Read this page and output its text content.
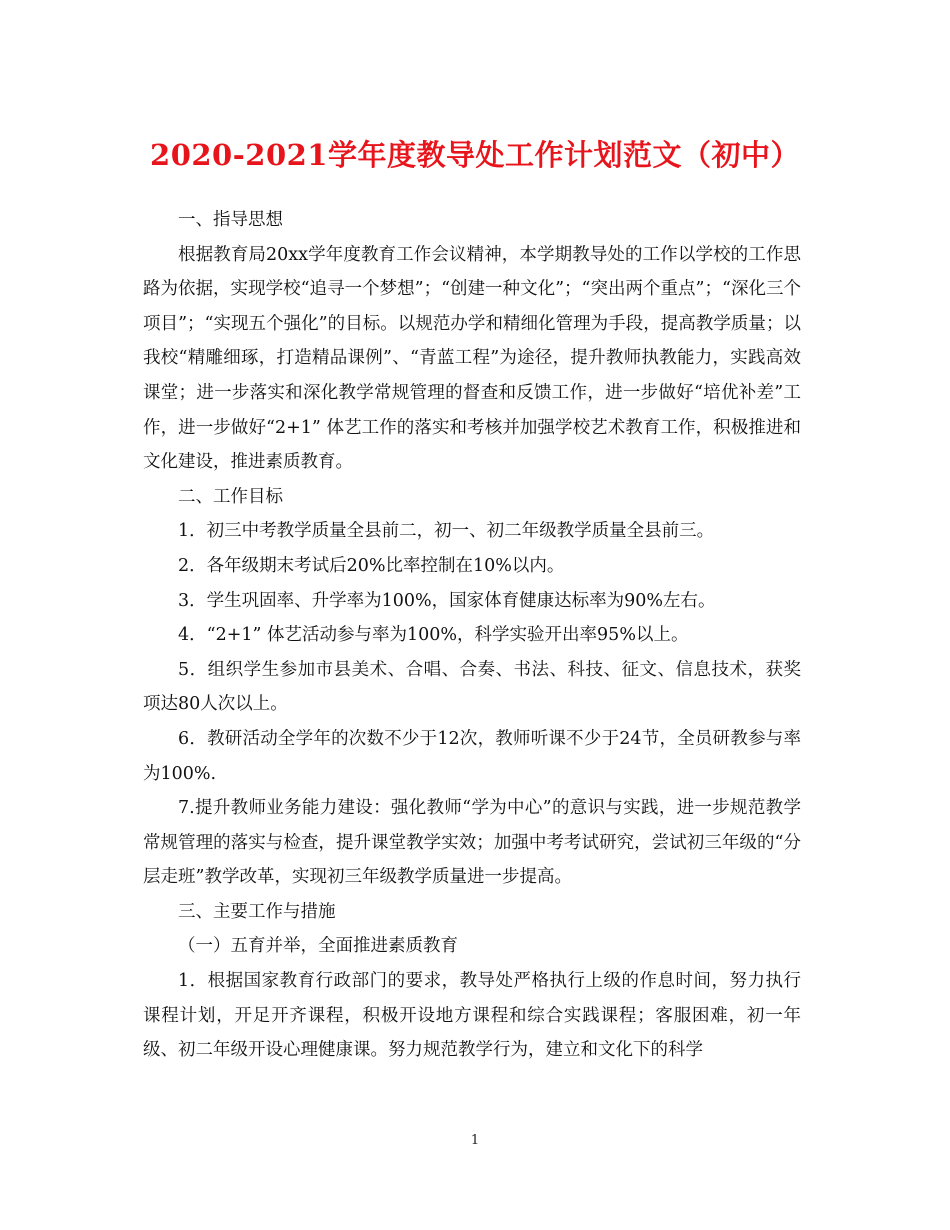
2020-2021学年度教导处工作计划范文（初中）

一、指导思想

根据教育局20xx学年度教育工作会议精神，本学期教导处的工作以学校的工作思路为依据，实现学校“追寻一个梦想”；“创建一种文化”；“突出两个重点”；“深化三个项目”；“实现五个强化”的目标。以规范办学和精细化管理为手段，提高教学质量；以我校“精雕细琢，打造精品课例”、“青蓝工程”为途径，提升教师执教能力，实践高效课堂；进一步落实和深化教学常规管理的督查和反馈工作，进一步做好“培优补差”工作，进一步做好“2+1” 体艺工作的落实和考核并加强学校艺术教育工作，积极推进和文化建设，推进素质教育。

二、工作目标

1．初三中考教学质量全县前二，初一、初二年级教学质量全县前三。

2．各年级期末考试后20%比率控制在10%以内。

3．学生巩固率、升学率为100%，国家体育健康达标率为90%左右。

4．“2+1” 体艺活动参与率为100%，科学实验开出率95%以上。

5．组织学生参加市县美术、合唱、合奏、书法、科技、征文、信息技术，获奖项达80人次以上。

6．教研活动全学年的次数不少于12次，教师听课不少于24节，全员研教参与率为100%.

7.提升教师业务能力建设：强化教师“学为中心”的意识与实践，进一步规范教学常规管理的落实与检查，提升课堂教学实效；加强中考考试研究，尝试初三年级的“分层走班”教学改革，实现初三年级教学质量进一步提高。

三、主要工作与措施

（一）五育并举，全面推进素质教育

1．根据国家教育行政部门的要求，教导处严格执行上级的作息时间，努力执行课程计划，开足开齐课程，积极开设地方课程和综合实践课程；客服困难，初一年级、初二年级开设心理健康课。努力规范教学行为，建立和文化下的科学

1
